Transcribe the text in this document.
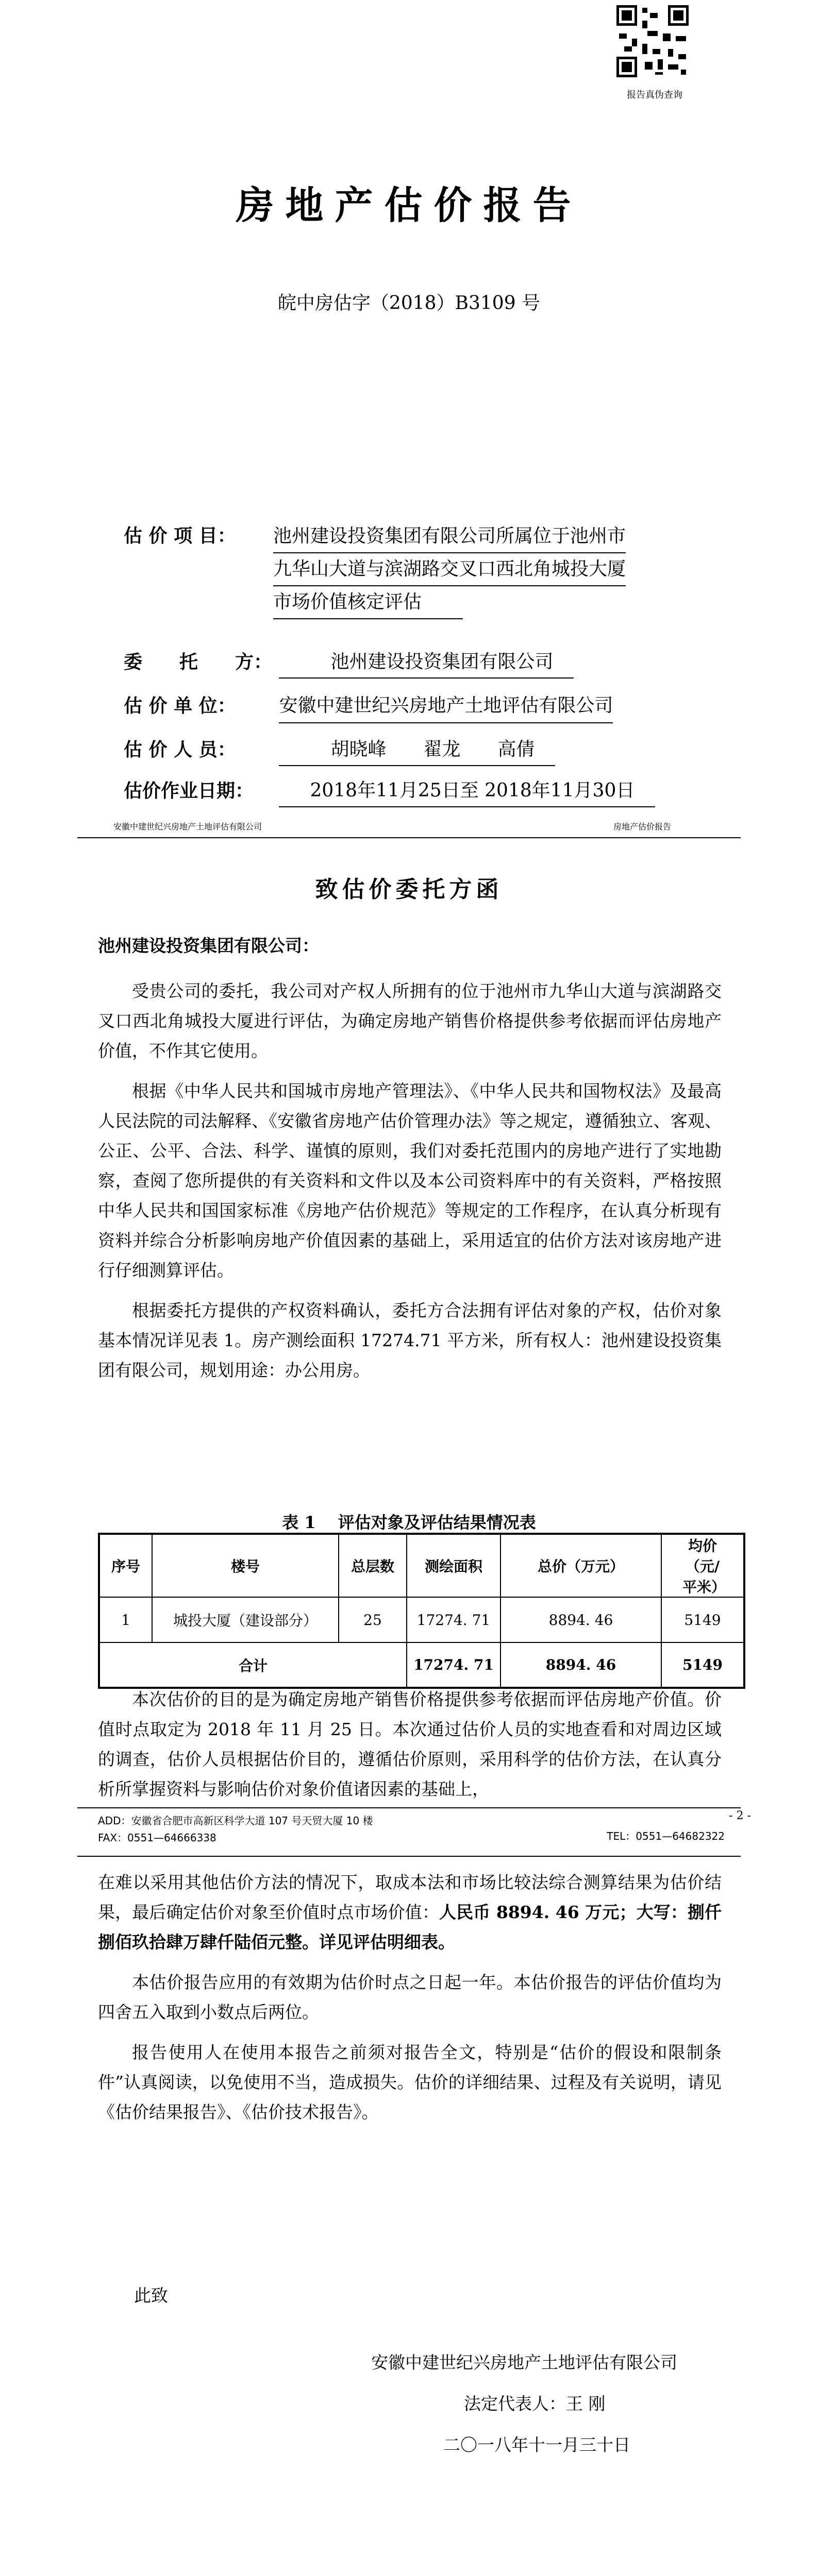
报告真伪查询
房地产估价报告
皖中房估字（2018）B3109 号
估 价 项 目：	池州建设投资集团有限公司所属位于池州市
九华山大道与滨湖路交叉口西北角城投大厦
市场价值核定评估
委　　托　　方：	池州建设投资集团有限公司
估 价 单 位： 安徽中建世纪兴房地产土地评估有限公司
估 价 人 员：	胡晓峰　　翟龙　　高倩
估价作业日期：	2018年11月25日至 2018年11月30日
安徽中建世纪兴房地产土地评估有限公司	房地产估价报告
致估价委托方函
池州建设投资集团有限公司：

受贵公司的委托，我公司对产权人所拥有的位于池州市九华山大道与滨湖路交叉口西北角城投大厦进行评估，为确定房地产销售价格提供参考依据而评估房地产价值，不作其它使用。

根据《中华人民共和国城市房地产管理法》、《中华人民共和国物权法》及最高人民法院的司法解释、《安徽省房地产估价管理办法》等之规定，遵循独立、客观、公正、公平、合法、科学、谨慎的原则，我们对委托范围内的房地产进行了实地勘察，查阅了您所提供的有关资料和文件以及本公司资料库中的有关资料，严格按照中华人民共和国国家标准《房地产估价规范》等规定的工作程序，在认真分析现有资料并综合分析影响房地产价值因素的基础上，采用适宜的估价方法对该房地产进行仔细测算评估。

根据委托方提供的产权资料确认，委托方合法拥有评估对象的产权，估价对象基本情况详见表 1。房产测绘面积 17274.71 平方米，所有权人：池州建设投资集团有限公司，规划用途：办公用房。

表 1　 评估对象及评估结果情况表
序号	楼号	总层数	测绘面积	总价（万元）	均价（元/平米）
1	城投大厦（建设部分）	25	17274. 71	8894. 46	5149
合计			17274. 71	8894. 46	5149

本次估价的目的是为确定房地产销售价格提供参考依据而评估房地产价值。价值时点取定为 2018 年 11 月 25 日。本次通过估价人员的实地查看和对周边区域的调查，估价人员根据估价目的，遵循估价原则，采用科学的估价方法，在认真分析所掌握资料与影响估价对象价值诸因素的基础上，

ADD：安徽省合肥市高新区科学大道 107 号天贸大厦 10 楼
FAX：0551—64666338	TEL：0551—64682322
- 2 -

在难以采用其他估价方法的情况下，取成本法和市场比较法综合测算结果为估价结果，最后确定估价对象至价值时点市场价值：人民币 8894. 46 万元；大写：捌仟捌佰玖拾肆万肆仟陆佰元整。详见评估明细表。

本估价报告应用的有效期为估价时点之日起一年。本估价报告的评估价值均为四舍五入取到小数点后两位。

报告使用人在使用本报告之前须对报告全文，特别是“估价的假设和限制条件”认真阅读，以免使用不当，造成损失。估价的详细结果、过程及有关说明，请见《估价结果报告》、《估价技术报告》。

此致
安徽中建世纪兴房地产土地评估有限公司
法定代表人：王 刚
二〇一八年十一月三十日
